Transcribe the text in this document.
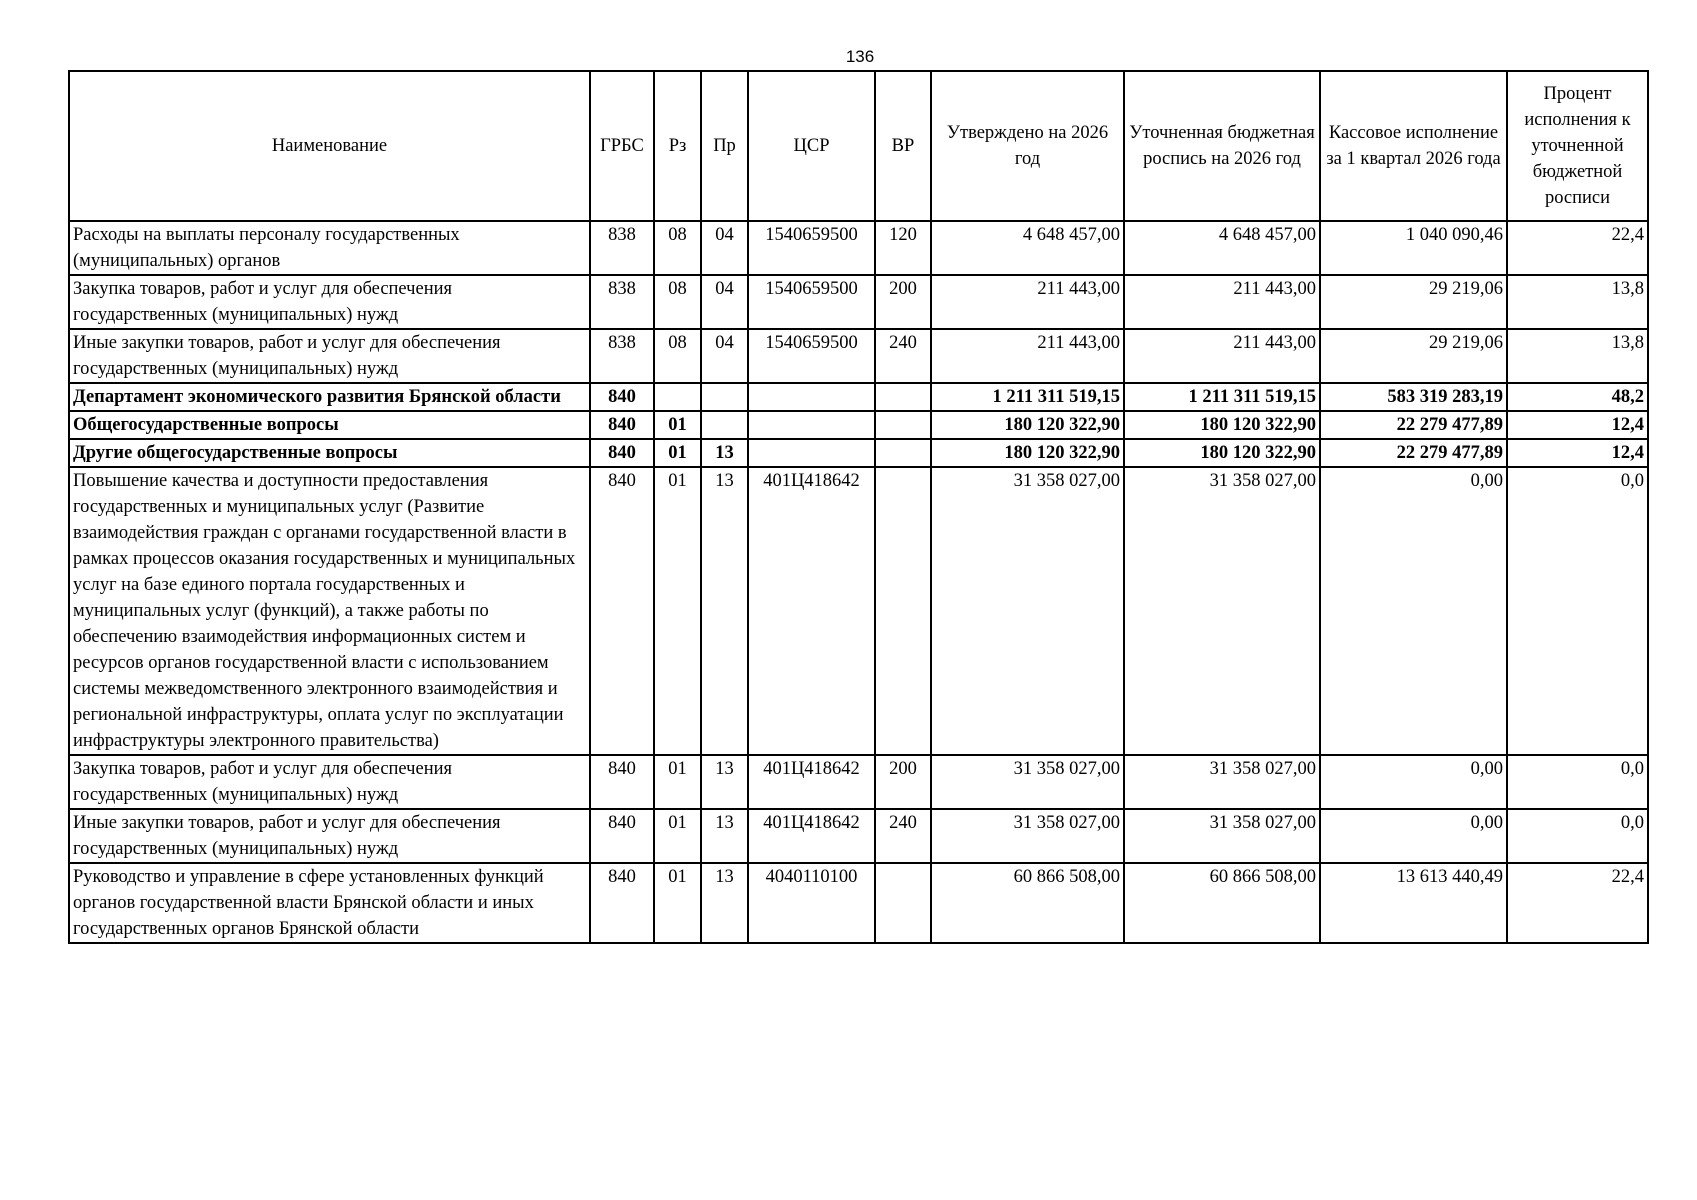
136
Наименование	ГРБС	Рз	Пр	ЦСР	ВР	Утверждено на 2026 год	Уточненная бюджетная роспись на 2026 год	Кассовое исполнение за 1 квартал 2026 года	Процент исполнения к уточненной бюджетной росписи
Расходы на выплаты персоналу государственных (муниципальных) органов	838	08	04	1540659500	120	4 648 457,00	4 648 457,00	1 040 090,46	22,4
Закупка товаров, работ и услуг для обеспечения государственных (муниципальных) нужд	838	08	04	1540659500	200	211 443,00	211 443,00	29 219,06	13,8
Иные закупки товаров, работ и услуг для обеспечения государственных (муниципальных) нужд	838	08	04	1540659500	240	211 443,00	211 443,00	29 219,06	13,8
Департамент экономического развития Брянской области	840					1 211 311 519,15	1 211 311 519,15	583 319 283,19	48,2
Общегосударственные вопросы	840	01				180 120 322,90	180 120 322,90	22 279 477,89	12,4
Другие общегосударственные вопросы	840	01	13			180 120 322,90	180 120 322,90	22 279 477,89	12,4
Повышение качества и доступности предоставления государственных и муниципальных услуг (Развитие взаимодействия граждан с органами государственной власти в рамках процессов оказания государственных и муниципальных услуг на базе единого портала государственных и муниципальных услуг (функций), а также работы по обеспечению взаимодействия информационных систем и ресурсов органов государственной власти с использованием системы межведомственного электронного взаимодействия и региональной инфраструктуры, оплата услуг по эксплуатации инфраструктуры электронного правительства)	840	01	13	401Ц418642		31 358 027,00	31 358 027,00	0,00	0,0
Закупка товаров, работ и услуг для обеспечения государственных (муниципальных) нужд	840	01	13	401Ц418642	200	31 358 027,00	31 358 027,00	0,00	0,0
Иные закупки товаров, работ и услуг для обеспечения государственных (муниципальных) нужд	840	01	13	401Ц418642	240	31 358 027,00	31 358 027,00	0,00	0,0
Руководство и управление в сфере установленных функций органов государственной власти Брянской области и иных государственных органов Брянской области	840	01	13	4040110100		60 866 508,00	60 866 508,00	13 613 440,49	22,4
